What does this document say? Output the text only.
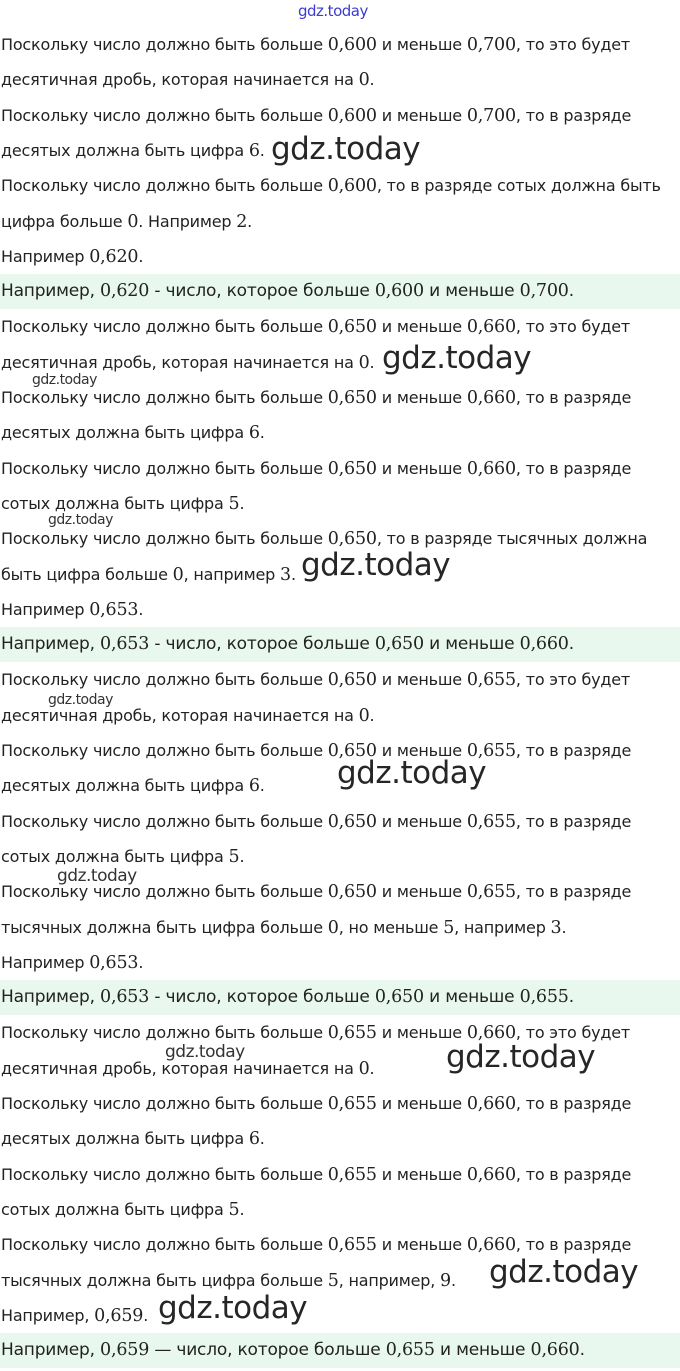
Поскольку число должно быть больше 0,600 и меньше 0,700, то это будет
десятичная дробь, которая начинается на 0.
Поскольку число должно быть больше 0,600 и меньше 0,700, то в разряде
десятых должна быть цифра 6.
Поскольку число должно быть больше 0,600, то в разряде сотых должна быть
цифра больше 0. Например 2.
Например 0,620.
Например, 0,620 - число, которое больше 0,600 и меньше 0,700.
Поскольку число должно быть больше 0,650 и меньше 0,660, то это будет
десятичная дробь, которая начинается на 0.
Поскольку число должно быть больше 0,650 и меньше 0,660, то в разряде
десятых должна быть цифра 6.
Поскольку число должно быть больше 0,650 и меньше 0,660, то в разряде
сотых должна быть цифра 5.
Поскольку число должно быть больше 0,650, то в разряде тысячных должна
быть цифра больше 0, например 3.
Например 0,653.
Например, 0,653 - число, которое больше 0,650 и меньше 0,660.
Поскольку число должно быть больше 0,650 и меньше 0,655, то это будет
десятичная дробь, которая начинается на 0.
Поскольку число должно быть больше 0,650 и меньше 0,655, то в разряде
десятых должна быть цифра 6.
Поскольку число должно быть больше 0,650 и меньше 0,655, то в разряде
сотых должна быть цифра 5.
Поскольку число должно быть больше 0,650 и меньше 0,655, то в разряде
тысячных должна быть цифра больше 0, но меньше 5, например 3.
Например 0,653.
Например, 0,653 - число, которое больше 0,650 и меньше 0,655.
Поскольку число должно быть больше 0,655 и меньше 0,660, то это будет
десятичная дробь, которая начинается на 0.
Поскольку число должно быть больше 0,655 и меньше 0,660, то в разряде
десятых должна быть цифра 6.
Поскольку число должно быть больше 0,655 и меньше 0,660, то в разряде
сотых должна быть цифра 5.
Поскольку число должно быть больше 0,655 и меньше 0,660, то в разряде
тысячных должна быть цифра больше 5, например, 9.
Например, 0,659.
Например, 0,659 — число, которое больше 0,655 и меньше 0,660.
gdz.today
gdz.today
gdz.today
gdz.today
gdz.today
gdz.today
gdz.today
gdz.today
gdz.today
gdz.today	gdz.today
gdz.today
gdz.today
